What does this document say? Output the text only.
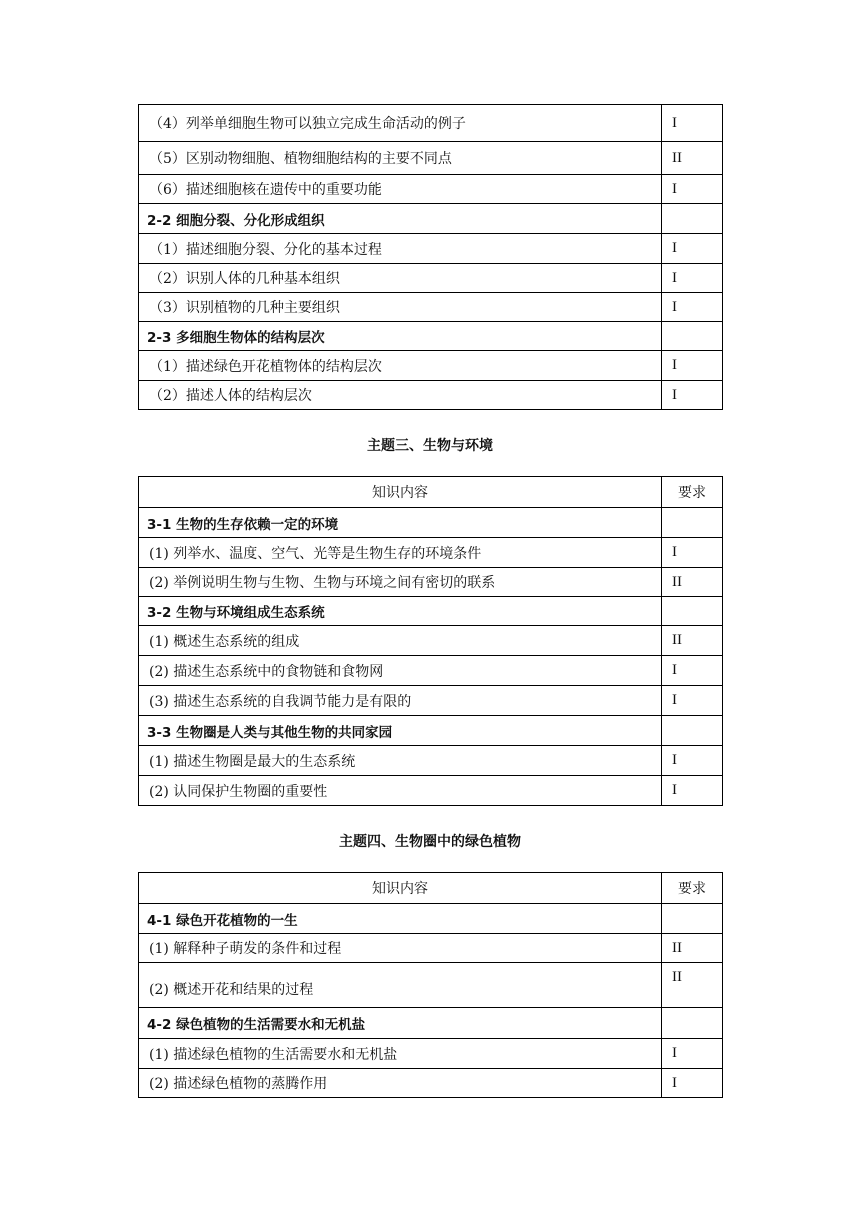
（4）列举单细胞生物可以独立完成生命活动的例子	I
（5）区别动物细胞、植物细胞结构的主要不同点	II
（6）描述细胞核在遗传中的重要功能	I
2-2 细胞分裂、分化形成组织	
（1）描述细胞分裂、分化的基本过程	I
（2）识别人体的几种基本组织	I
（3）识别植物的几种主要组织	I
2-3 多细胞生物体的结构层次	
（1）描述绿色开花植物体的结构层次	I
（2）描述人体的结构层次	I
主题三、生物与环境
知识内容	要求
3-1 生物的生存依赖一定的环境	
(1) 列举水、温度、空气、光等是生物生存的环境条件	I
(2) 举例说明生物与生物、生物与环境之间有密切的联系	II
3-2 生物与环境组成生态系统	
(1) 概述生态系统的组成	II
(2) 描述生态系统中的食物链和食物网	I
(3) 描述生态系统的自我调节能力是有限的	I
3-3 生物圈是人类与其他生物的共同家园	
(1) 描述生物圈是最大的生态系统	I
(2) 认同保护生物圈的重要性	I
主题四、生物圈中的绿色植物
知识内容	要求
4-1 绿色开花植物的一生	
(1) 解释种子萌发的条件和过程	II
(2) 概述开花和结果的过程	II
4-2 绿色植物的生活需要水和无机盐	
(1) 描述绿色植物的生活需要水和无机盐	I
(2) 描述绿色植物的蒸腾作用	I
